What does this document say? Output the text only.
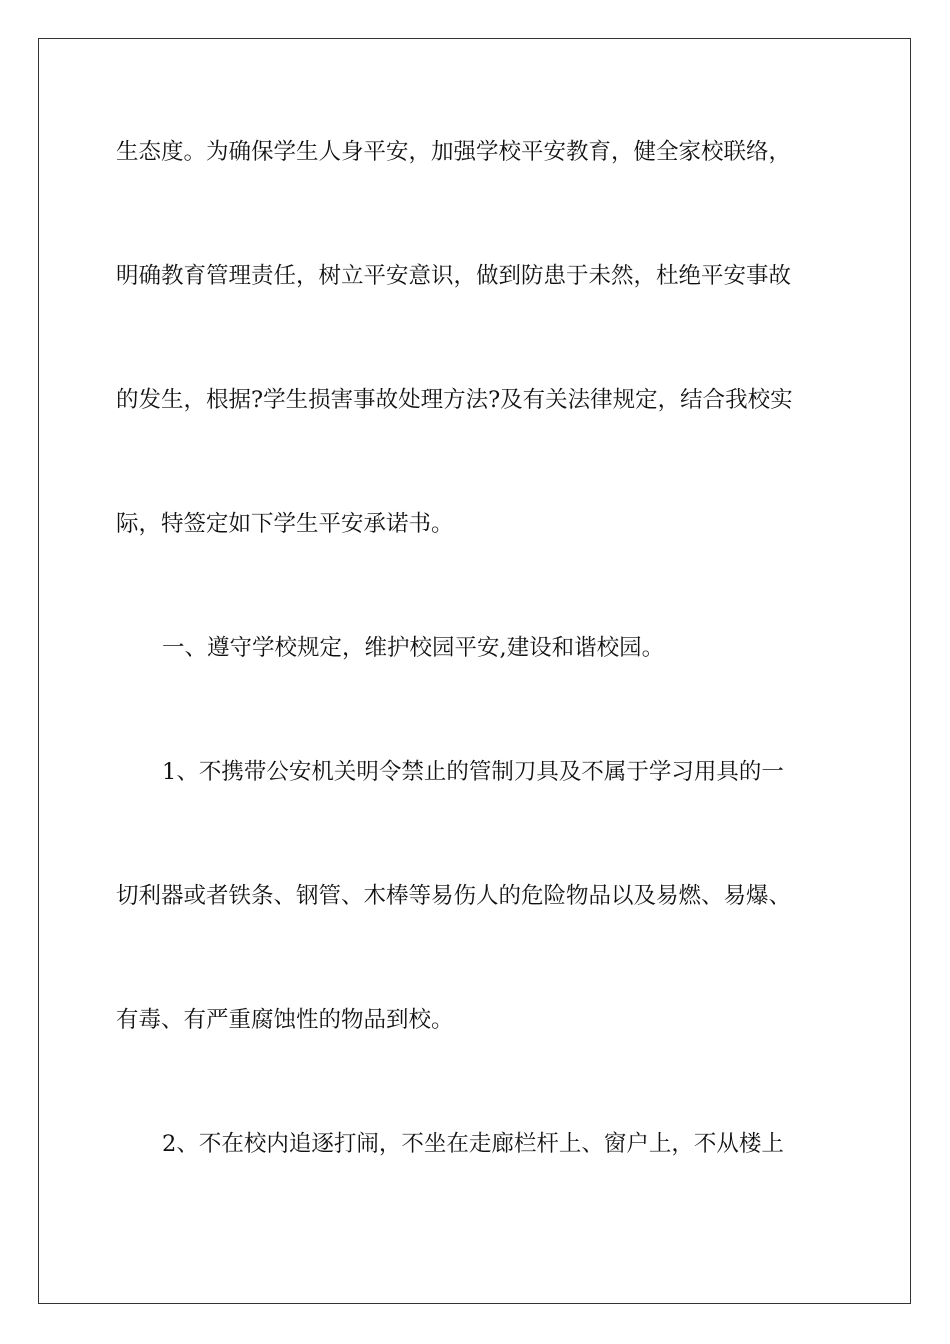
生态度。为确保学生人身平安，加强学校平安教育，健全家校联络，
明确教育管理责任，树立平安意识，做到防患于未然，杜绝平安事故
的发生，根据?学生损害事故处理方法?及有关法律规定，结合我校实
际，特签定如下学生平安承诺书。
一、遵守学校规定，维护校园平安,建设和谐校园。
1、不携带公安机关明令禁止的管制刀具及不属于学习用具的一
切利器或者铁条、钢管、木棒等易伤人的危险物品以及易燃、易爆、
有毒、有严重腐蚀性的物品到校。
2、不在校内追逐打闹，不坐在走廊栏杆上、窗户上，不从楼上
